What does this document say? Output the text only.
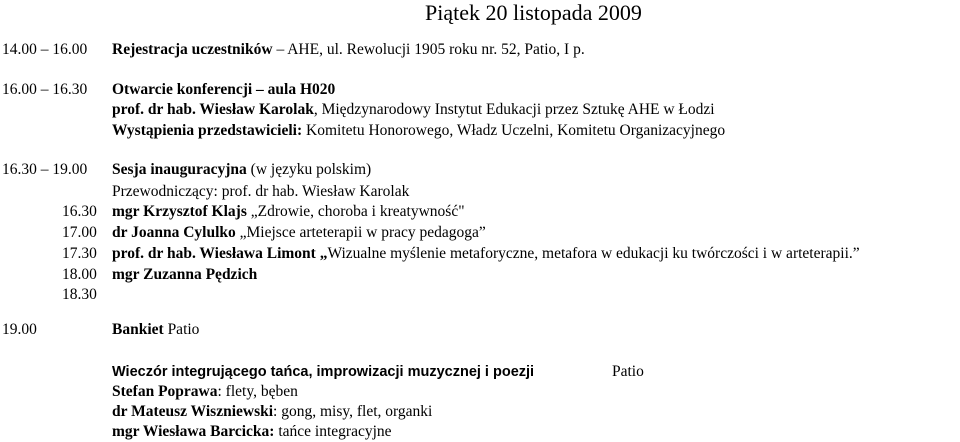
Piątek 20 listopada 2009
14.00 – 16.00 Rejestracja uczestników – AHE, ul. Rewolucji 1905 roku nr. 52, Patio, I p.
16.00 – 16.30 Otwarcie konferencji – aula H020
prof. dr hab. Wiesław Karolak, Międzynarodowy Instytut Edukacji przez Sztukę AHE w Łodzi
Wystąpienia przedstawicieli: Komitetu Honorowego, Władz Uczelni, Komitetu Organizacyjnego
16.30 – 19.00 Sesja inauguracyjna (w języku polskim)
Przewodniczący: prof. dr hab. Wiesław Karolak
16.30 mgr Krzysztof Klajs „Zdrowie, choroba i kreatywność"
17.00 dr Joanna Cylulko „Miejsce arteterapii w pracy pedagoga”
17.30 prof. dr hab. Wiesława Limont „Wizualne myślenie metaforyczne, metafora w edukacji ku twórczości i w arteterapii.”
18.00 mgr Zuzanna Pędzich
18.30
19.00	Bankiet Patio
Wieczór integrującego tańca, improwizacji muzycznej i poezji	Patio
Stefan Poprawa: flety, bęben
dr Mateusz Wiszniewski: gong, misy, flet, organki
mgr Wiesława Barcicka: tańce integracyjne
